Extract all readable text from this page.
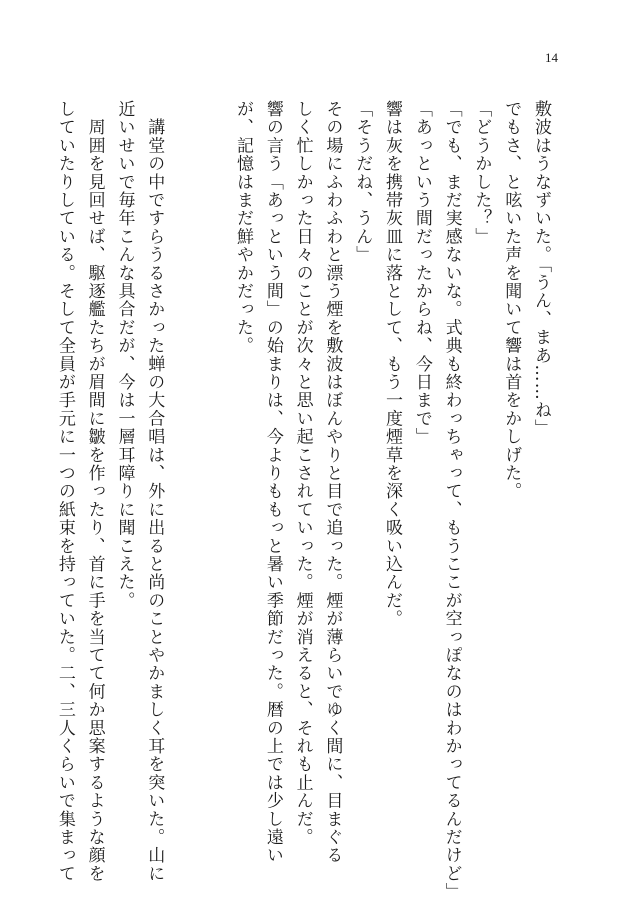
14
敷波はうなずいた。「うん、まあ……ね」
でもさ、と呟いた声を聞いて響は首をかしげた。
「どうかした？」
「でも、まだ実感ないな。式典も終わっちゃって、もうここが空っぽなのはわかってるんだけど」
「あっという間だったからね、今日まで」
響は灰を携帯灰皿に落として、もう一度煙草を深く吸い込んだ。
「そうだね、うん」
その場にふわふわと漂う煙を敷波はぼんやりと目で追った。煙が薄らいでゆく間に、目まぐる
しく忙しかった日々のことが次々と思い起こされていった。煙が消えると、それも止んだ。
響の言う「あっという間」の始まりは、今よりももっと暑い季節だった。暦の上では少し遠い
が、記憶はまだ鮮やかだった。
　講堂の中ですらうるさかった蝉の大合唱は、外に出ると尚のことやかましく耳を突いた。山に
近いせいで毎年こんな具合だが、今は一層耳障りに聞こえた。
　周囲を見回せば、駆逐艦たちが眉間に皺を作ったり、首に手を当てて何か思案するような顔を
していたりしている。そして全員が手元に一つの紙束を持っていた。二、三人くらいで集まって
